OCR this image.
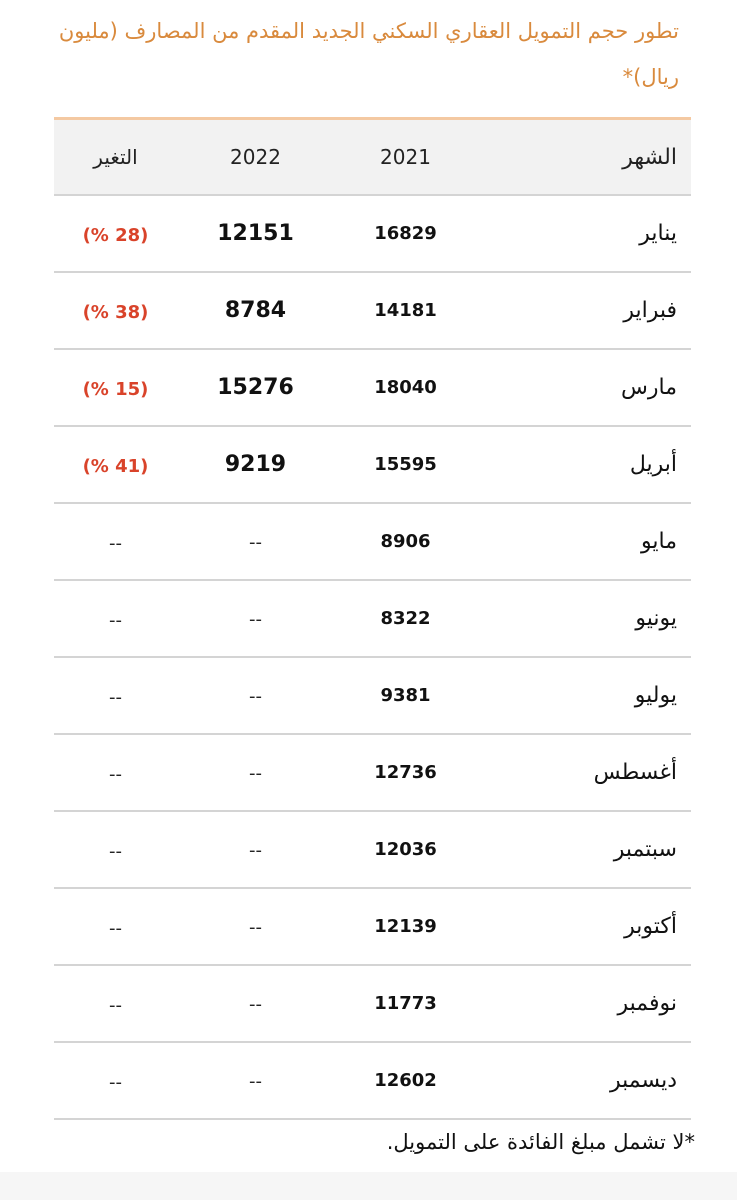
تطور حجم التمويل العقاري السكني الجديد المقدم من المصارف (مليون ريال)*
الشهر	2021	2022	التغير
يناير	16829	12151	(28 %)
فبراير	14181	8784	(38 %)
مارس	18040	15276	(15 %)
أبريل	15595	9219	(41 %)
مايو	8906	--	--
يونيو	8322	--	--
يوليو	9381	--	--
أغسطس	12736	--	--
سبتمبر	12036	--	--
أكتوبر	12139	--	--
نوفمبر	11773	--	--
ديسمبر	12602	--	--

*لا تشمل مبلغ الفائدة على التمويل.
